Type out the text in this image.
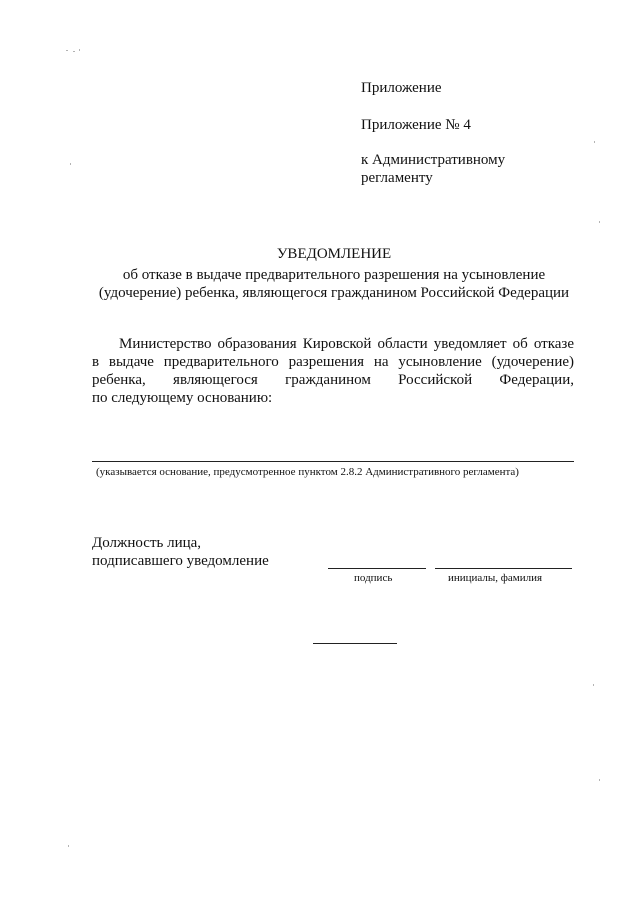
Приложение
Приложение № 4
к Административному
регламенту
УВЕДОМЛЕНИЕ
об отказе в выдаче предварительного разрешения на усыновление
(удочерение) ребенка, являющегося гражданином Российской Федерации
Министерство образования Кировской области уведомляет об отказе
в выдаче предварительного разрешения на усыновление (удочерение)
ребенка, являющегося гражданином Российской Федерации,
по следующему основанию:
(указывается основание, предусмотренное пунктом 2.8.2 Административного регламента)
Должность лица,
подписавшего уведомление
подпись	инициалы, фамилия
